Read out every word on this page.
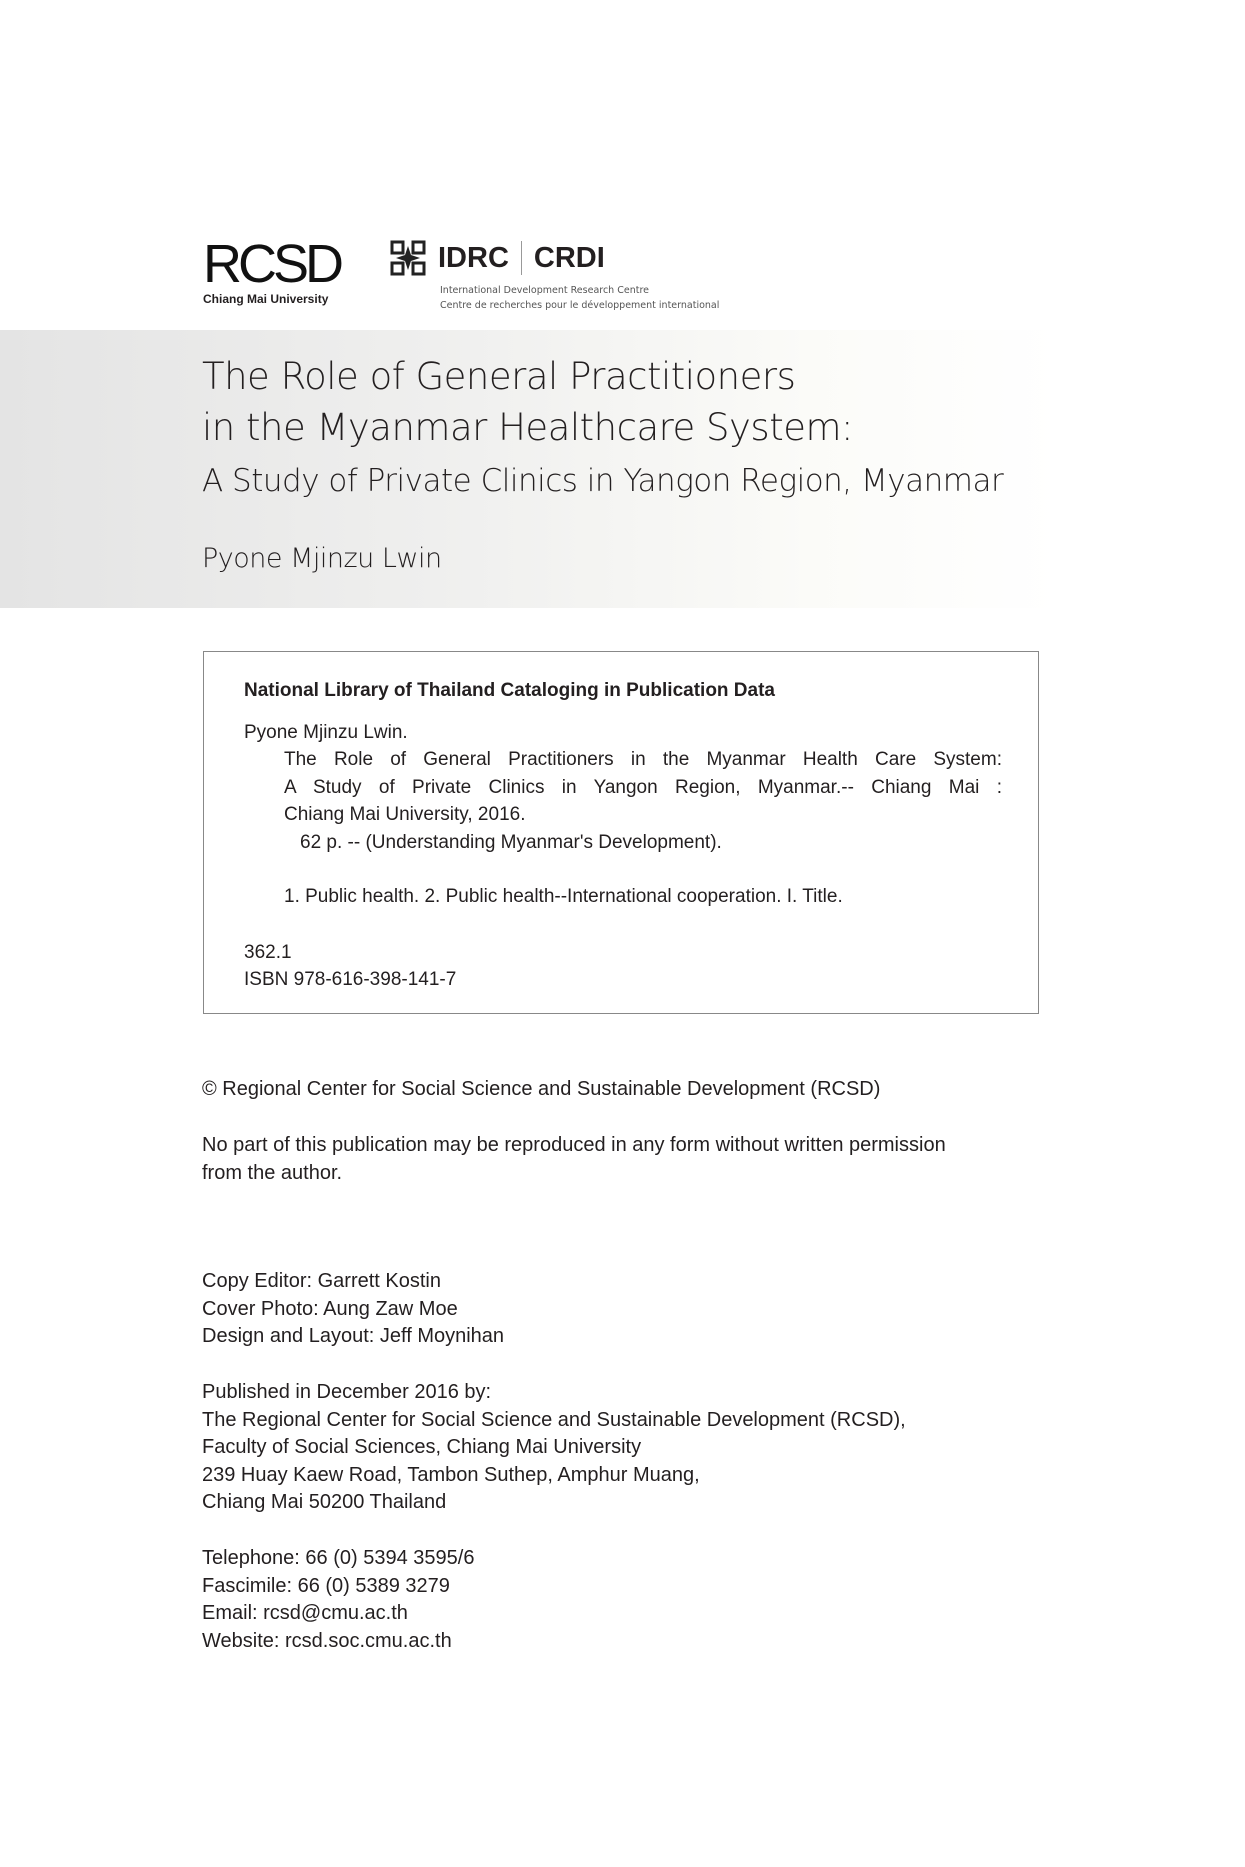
RCSD
Chiang Mai University
IDRC CRDI
International Development Research Centre
Centre de recherches pour le développement international
The Role of General Practitioners
in the Myanmar Healthcare System:
A Study of Private Clinics in Yangon Region, Myanmar
Pyone Mjinzu Lwin
National Library of Thailand Cataloging in Publication Data
Pyone Mjinzu Lwin.
The Role of General Practitioners in the Myanmar Health Care System:
A Study of Private Clinics in Yangon Region, Myanmar.-- Chiang Mai :
Chiang Mai University, 2016.
62 p. -- (Understanding Myanmar's Development).
1. Public health. 2. Public health--International cooperation. I. Title.
362.1
ISBN 978-616-398-141-7
© Regional Center for Social Science and Sustainable Development (RCSD)
No part of this publication may be reproduced in any form without written permission
from the author.
Copy Editor: Garrett Kostin
Cover Photo: Aung Zaw Moe
Design and Layout: Jeff Moynihan
Published in December 2016 by:
The Regional Center for Social Science and Sustainable Development (RCSD),
Faculty of Social Sciences, Chiang Mai University
239 Huay Kaew Road, Tambon Suthep, Amphur Muang,
Chiang Mai 50200 Thailand
Telephone: 66 (0) 5394 3595/6
Fascimile: 66 (0) 5389 3279
Email: rcsd@cmu.ac.th
Website: rcsd.soc.cmu.ac.th
